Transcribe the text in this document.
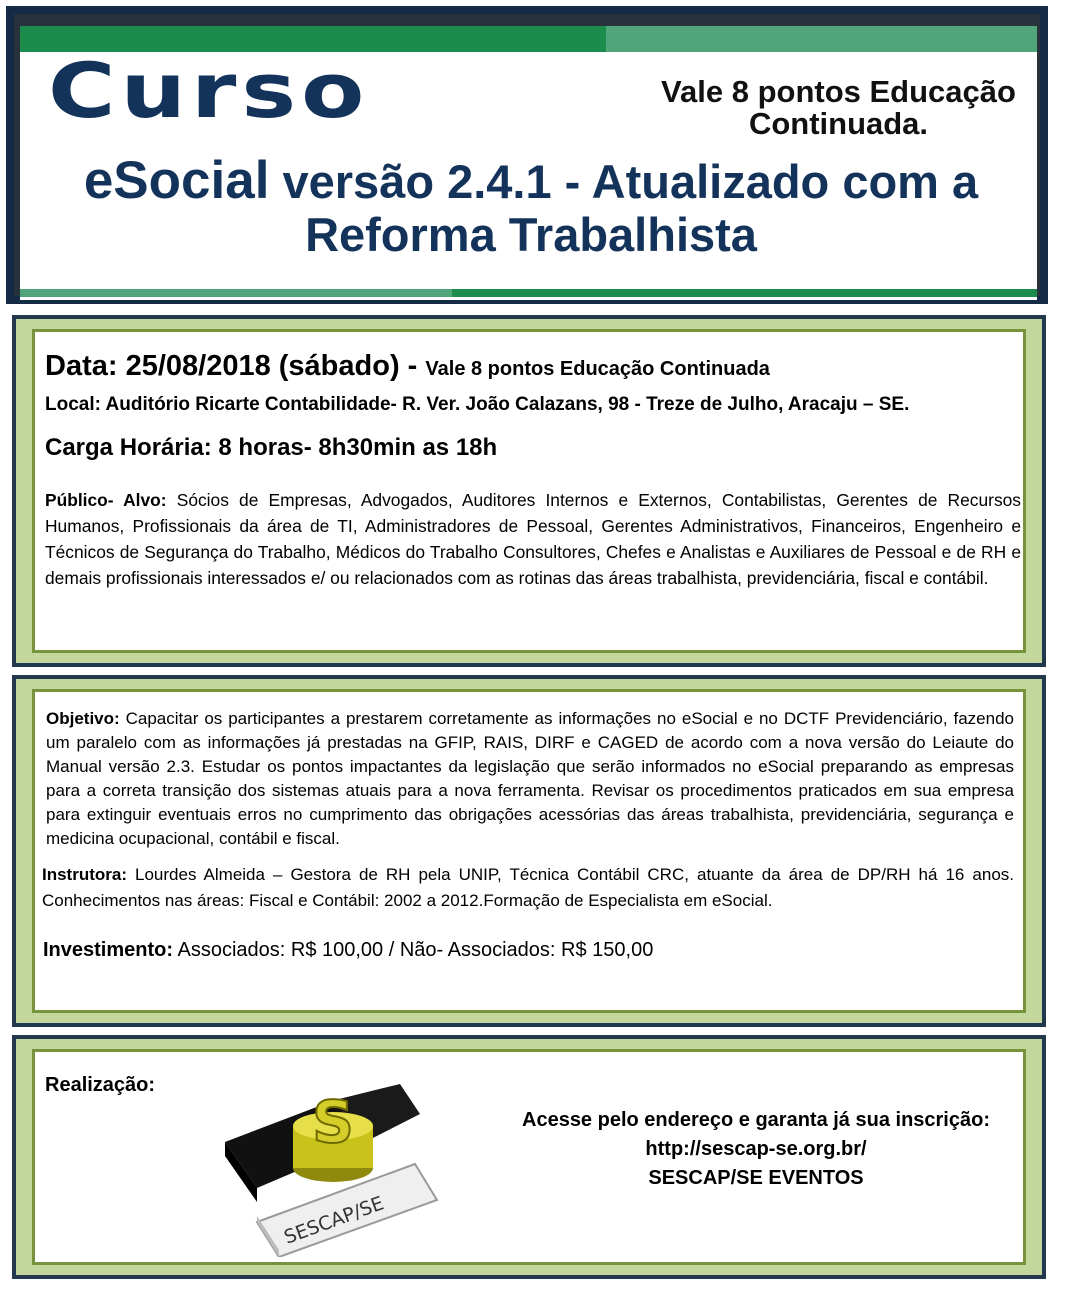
Curso	Vale 8 pontos Educação Continuada.
eSocial versão 2.4.1 - Atualizado com a Reforma Trabalhista
Data: 25/08/2018 (sábado) - Vale 8 pontos Educação Continuada
Local: Auditório Ricarte Contabilidade- R. Ver. João Calazans, 98 - Treze de Julho, Aracaju – SE.
Carga Horária: 8 horas- 8h30min as 18h
Público- Alvo: Sócios de Empresas, Advogados, Auditores Internos e Externos, Contabilistas, Gerentes de Recursos Humanos, Profissionais da área de TI, Administradores de Pessoal, Gerentes Administrativos, Financeiros, Engenheiro e Técnicos de Segurança do Trabalho, Médicos do Trabalho Consultores, Chefes e Analistas e Auxiliares de Pessoal e de RH e demais profissionais interessados e/ ou relacionados com as rotinas das áreas trabalhista, previdenciária, fiscal e contábil.
Objetivo: Capacitar os participantes a prestarem corretamente as informações no eSocial e no DCTF Previdenciário, fazendo um paralelo com as informações já prestadas na GFIP, RAIS, DIRF e CAGED de acordo com a nova versão do Leiaute do Manual versão 2.3. Estudar os pontos impactantes da legislação que serão informados no eSocial preparando as empresas para a correta transição dos sistemas atuais para a nova ferramenta. Revisar os procedimentos praticados em sua empresa para extinguir eventuais erros no cumprimento das obrigações acessórias das áreas trabalhista, previdenciária, segurança e medicina ocupacional, contábil e fiscal.
Instrutora: Lourdes Almeida – Gestora de RH pela UNIP, Técnica Contábil CRC, atuante da área de DP/RH há 16 anos. Conhecimentos nas áreas: Fiscal e Contábil: 2002 a 2012.Formação de Especialista em eSocial.
Investimento: Associados: R$ 100,00 / Não- Associados: R$ 150,00
Realização:
S
SESCAP/SE
Acesse pelo endereço e garanta já sua inscrição:
http://sescap-se.org.br/
SESCAP/SE EVENTOS
